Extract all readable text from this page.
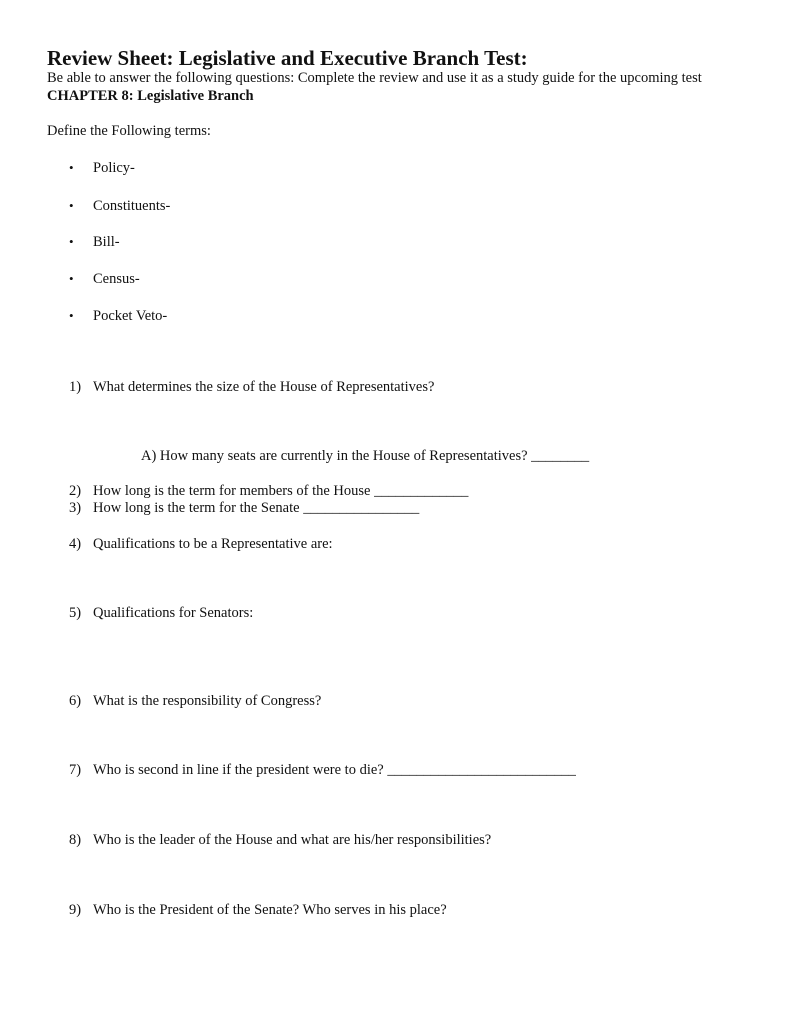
Review Sheet: Legislative and Executive Branch Test:
Be able to answer the following questions: Complete the review and use it as a study guide for the upcoming test
CHAPTER 8: Legislative Branch
Define the Following terms:
• Policy-
• Constituents-
• Bill-
• Census-
• Pocket Veto-
1) What determines the size of the House of Representatives?
A) How many seats are currently in the House of Representatives? ________
2) How long is the term for members of the House _____________
3) How long is the term for the Senate ________________
4) Qualifications to be a Representative are:
5) Qualifications for Senators:
6) What is the responsibility of Congress?
7) Who is second in line if the president were to die? __________________________
8) Who is the leader of the House and what are his/her responsibilities?
9) Who is the President of the Senate? Who serves in his place?
